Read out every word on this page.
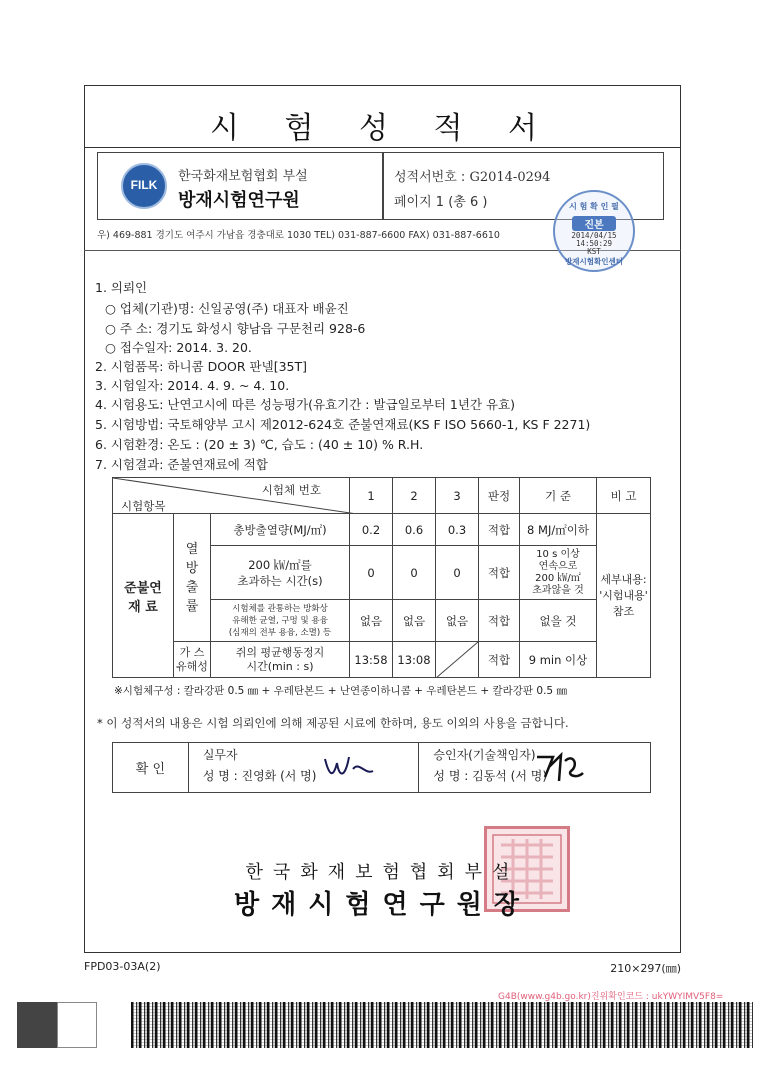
시 험 성 적 서
FILK
한국화재보험협회 부설
방재시험연구원
성적서번호 : G2014-0294
페이지 1 (총 6 )
우) 469-881 경기도 여주시 가남읍 경충대로 1030 TEL) 031-887-6600 FAX) 031-887-6610
시 험 확 인 필
진본
2014/04/15
14:50:29
KST
방재시험확인센터
1. 의뢰인
○ 업체(기관)명: 신일공영(주) 대표자 배윤진
○ 주 소: 경기도 화성시 향남읍 구문천리 928-6
○ 접수일자: 2014. 3. 20.
2. 시험품목: 하니콤 DOOR 판넬[35T]
3. 시험일자: 2014. 4. 9. ~ 4. 10.
4. 시험용도: 난연고시에 따른 성능평가(유효기간 : 발급일로부터 1년간 유효)
5. 시험방법: 국토해양부 고시 제2012-624호 준불연재료(KS F ISO 5660-1, KS F 2271)
6. 시험환경: 온도 : (20 ± 3) ℃, 습도 : (40 ± 10) % R.H.
7. 시험결과: 준불연재료에 적합
시험체 번호
시험항목			1	2	3	판정	기 준	비 고
준불연
재 료	열
방
출
률	총방출열량(MJ/㎡)	0.2	0.6	0.3	적합	8 MJ/㎡이하	세부내용:
'시험내용'
참조
		200 ㎾/㎡를
초과하는 시간(s)	0	0	0	적합	10 s 이상
연속으로
200 ㎾/㎡
초과않을 것	
		시험체를 관통하는 방화상
유해한 균열, 구멍 및 용융
(심재의 전부 용융, 소멸) 등	없음	없음	없음	적합	없을 것	
	가 스
유해성	쥐의 평균행동정지
시간(min : s)	13:58	13:08		적합	9 min 이상	
※시험체구성 : 칼라강판 0.5 ㎜ + 우레탄본드 + 난연종이하니콤 + 우레탄본드 + 칼라강판 0.5 ㎜
* 이 성적서의 내용은 시험 의뢰인에 의해 제공된 시료에 한하며, 용도 이외의 사용을 금합니다.
확 인	
실무자
성 명 : 진영화 (서 명)

승인자(기술책임자)
성 명 : 김동석 (서 명)
한국화재보험협회부설
방재시험연구원장
FPD03-03A(2)	210×297(㎜)
G4B(www.g4b.go.kr)진위확인코드 : ukYWYIMV5F8=
